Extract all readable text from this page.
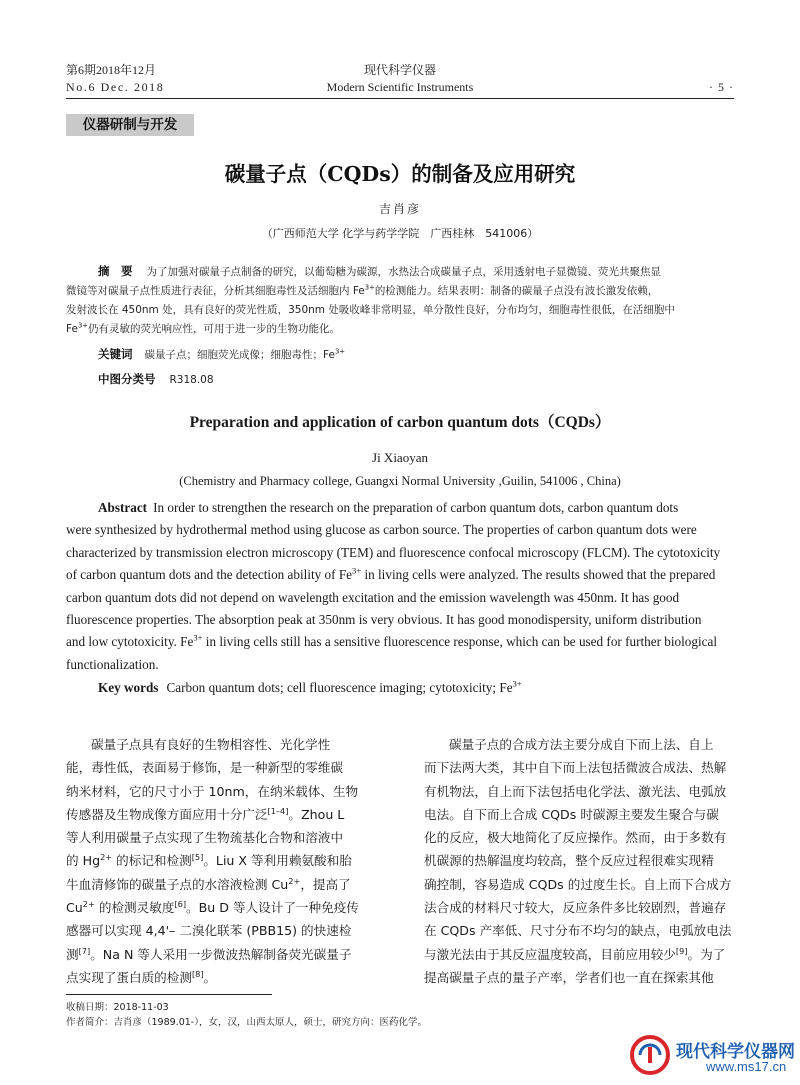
第6期2018年12月
No.6 Dec. 2018
现代科学仪器
Modern Scientific Instruments	· 5 ·
仪器研制与开发
碳量子点（CQDs）的制备及应用研究
吉肖彦
（广西师范大学 化学与药学学院　广西桂林　541006）
摘　要 为了加强对碳量子点制备的研究，以葡萄糖为碳源，水热法合成碳量子点，采用透射电子显微镜、荧光共聚焦显
微镜等对碳量子点性质进行表征，分析其细胞毒性及活细胞内 $Fe^{3+}$的检测能力。结果表明：制备的碳量子点没有波长激发依赖，
发射波长在 450nm 处，具有良好的荧光性质，350nm 处吸收峰非常明显，单分散性良好，分布均匀，细胞毒性很低，在活细胞中
$Fe^{3+}$仍有灵敏的荧光响应性，可用于进一步的生物功能化。
关键词 碳量子点；细胞荧光成像；细胞毒性；$Fe^{3+}$
中图分类号 R318.08
Preparation and application of carbon quantum dots（CQDs）
Ji Xiaoyan
(Chemistry and Pharmacy college, Guangxi Normal University ,Guilin, 541006 , China)
Abstract In order to strengthen the research on the preparation of carbon quantum dots, carbon quantum dots
were synthesized by hydrothermal method using glucose as carbon source. The properties of carbon quantum dots were
characterized by transmission electron microscopy (TEM) and fluorescence confocal microscopy (FLCM). The cytotoxicity
of carbon quantum dots and the detection ability of $Fe^{3+}$ in living cells were analyzed. The results showed that the prepared
carbon quantum dots did not depend on wavelength excitation and the emission wavelength was 450nm. It has good
fluorescence properties. The absorption peak at 350nm is very obvious. It has good monodispersity, uniform distribution
and low cytotoxicity. $Fe^{3+}$ in living cells still has a sensitive fluorescence response, which can be used for further biological
functionalization.
Key words Carbon quantum dots; cell fluorescence imaging; cytotoxicity; $Fe^{3+}$
碳量子点具有良好的生物相容性、光化学性
能，毒性低，表面易于修饰，是一种新型的零维碳
纳米材料，它的尺寸小于 10nm，在纳米载体、生物
传感器及生物成像方面应用十分广泛[1–4]。Zhou L
等人利用碳量子点实现了生物巯基化合物和溶液中
的 $Hg^{2+}$ 的标记和检测[5]。Liu X 等利用赖氨酸和胎
牛血清修饰的碳量子点的水溶液检测 $Cu^{2+}$，提高了
$Cu^{2+}$ 的检测灵敏度[6]。Bu D 等人设计了一种免疫传
感器可以实现 4,4'– 二溴化联苯 (PBB15) 的快速检
测[7]。Na N 等人采用一步微波热解制备荧光碳量子
点实现了蛋白质的检测[8]。
碳量子点的合成方法主要分成自下而上法、自上
而下法两大类，其中自下而上法包括微波合成法、热解
有机物法，自上而下法包括电化学法、激光法、电弧放
电法。自下而上合成 CQDs 时碳源主要发生聚合与碳
化的反应，极大地简化了反应操作。然而，由于多数有
机碳源的热解温度均较高，整个反应过程很难实现精
确控制，容易造成 CQDs 的过度生长。自上而下合成方
法合成的材料尺寸较大，反应条件多比较剧烈，普遍存
在 CQDs 产率低、尺寸分布不均匀的缺点，电弧放电法
与激光法由于其反应温度较高，目前应用较少[9]。为了
提高碳量子点的量子产率，学者们也一直在探索其他
收稿日期：2018-11-03
作者简介：吉肖彦（1989.01-），女，汉，山西太原人，硕士，研究方向：医药化学。
现代科学仪器网
www.ms17.cn
